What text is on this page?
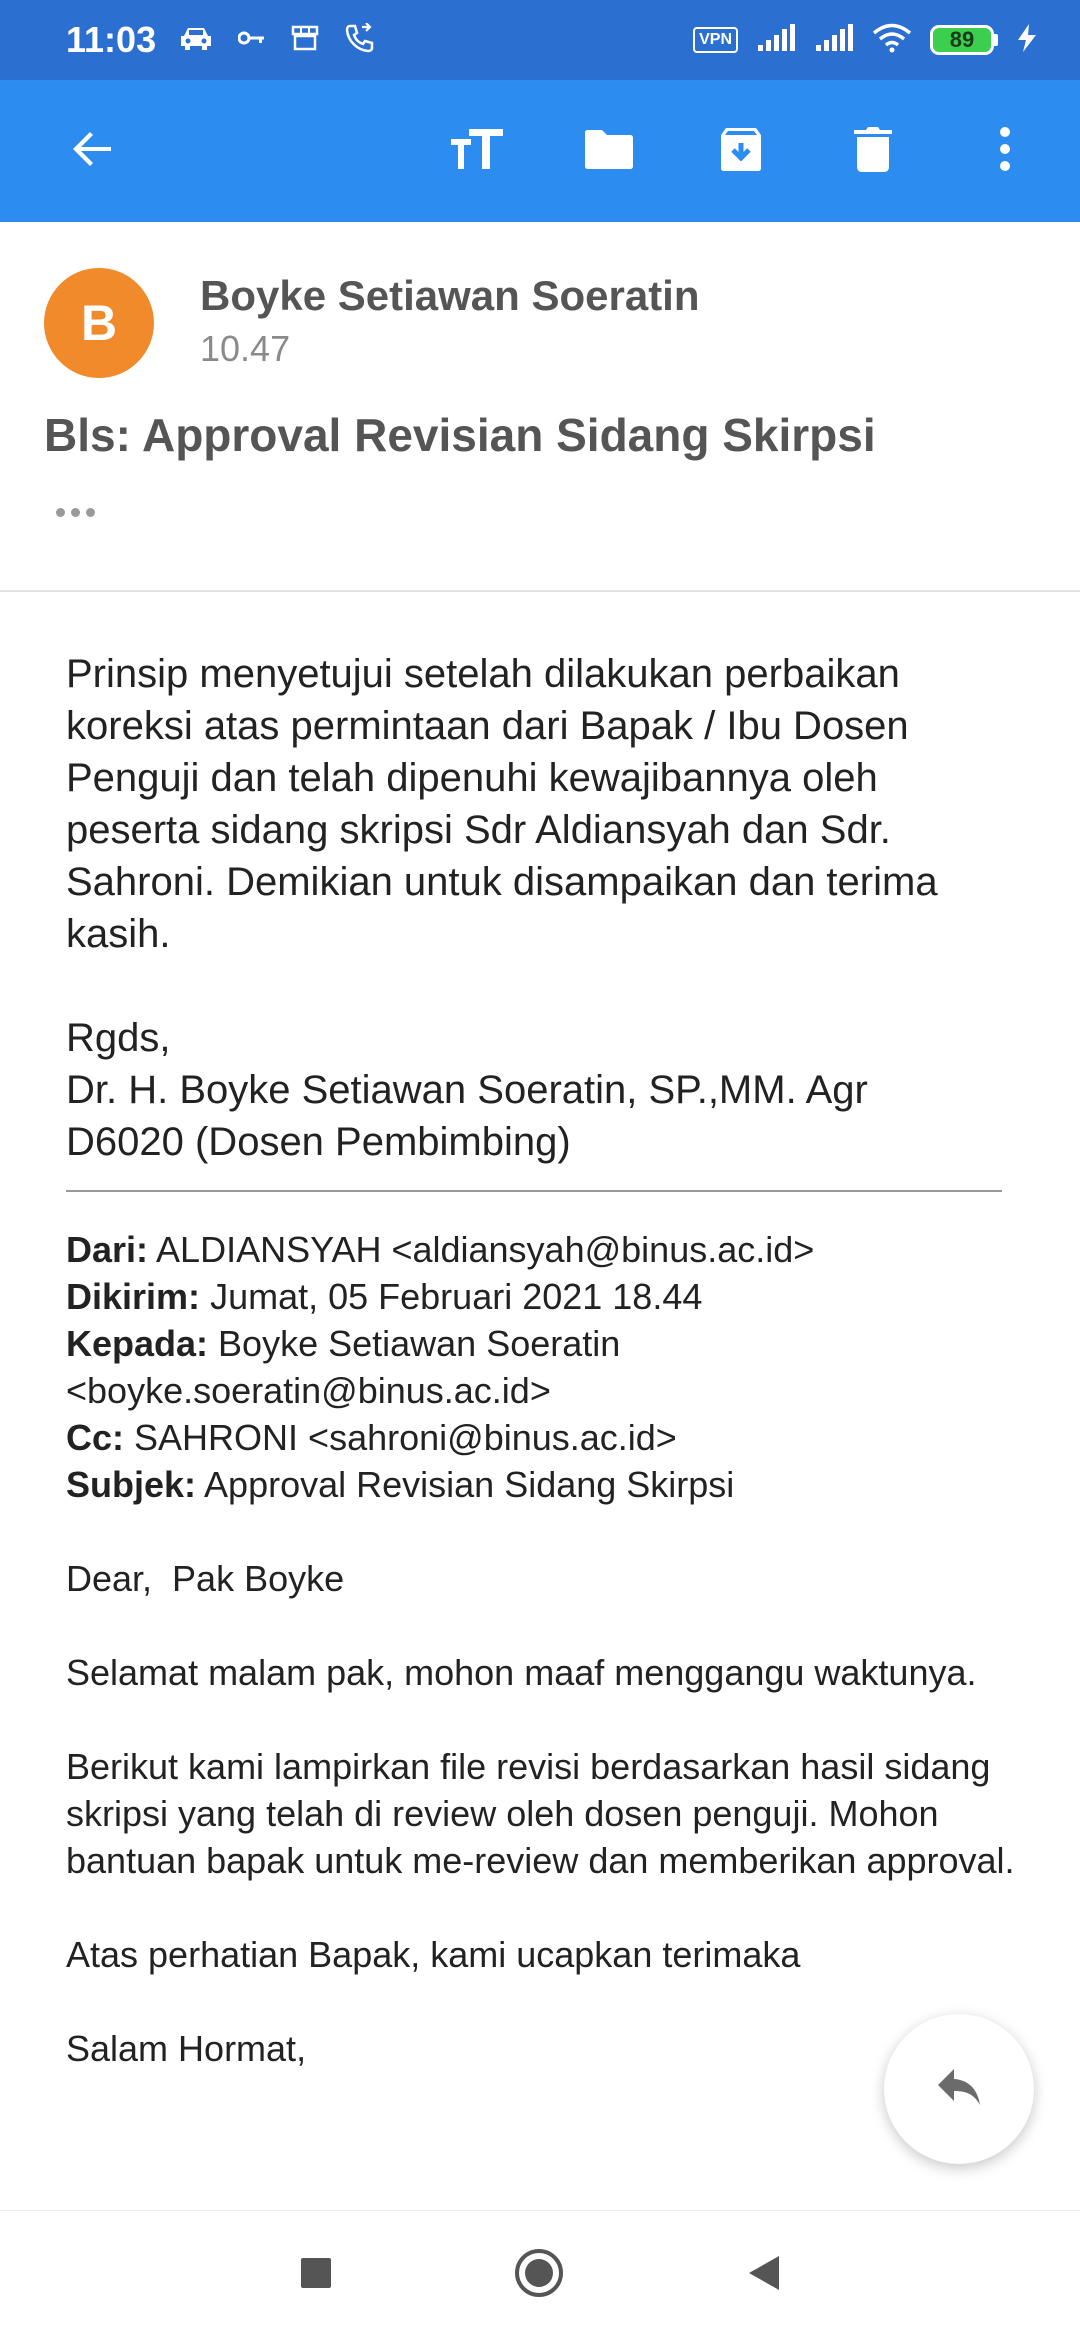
11:03	VPN	89
B	Boyke Setiawan Soeratin
10.47
Bls: Approval Revisian Sidang Skirpsi

Prinsip menyetujui setelah dilakukan perbaikan koreksi atas permintaan dari Bapak / Ibu Dosen Penguji dan telah dipenuhi kewajibannya oleh peserta sidang skripsi Sdr Aldiansyah dan Sdr. Sahroni. Demikian untuk disampaikan dan terima kasih.

Rgds,

Dr. H. Boyke Setiawan Soeratin, SP.,MM. Agr

D6020 (Dosen Pembimbing)

Dari: ALDIANSYAH <aldiansyah@binus.ac.id>

Dikirim: Jumat, 05 Februari 2021 18.44

Kepada: Boyke Setiawan Soeratin <boyke.soeratin@binus.ac.id>

Cc: SAHRONI <sahroni@binus.ac.id>

Subjek: Approval Revisian Sidang Skirpsi

Dear,  Pak Boyke

Selamat malam pak, mohon maaf menggangu waktunya.

Berikut kami lampirkan file revisi berdasarkan hasil sidang skripsi yang telah di review oleh dosen penguji. Mohon bantuan bapak untuk me-review dan memberikan approval.

Atas perhatian Bapak, kami ucapkan terimaka

Salam Hormat,
